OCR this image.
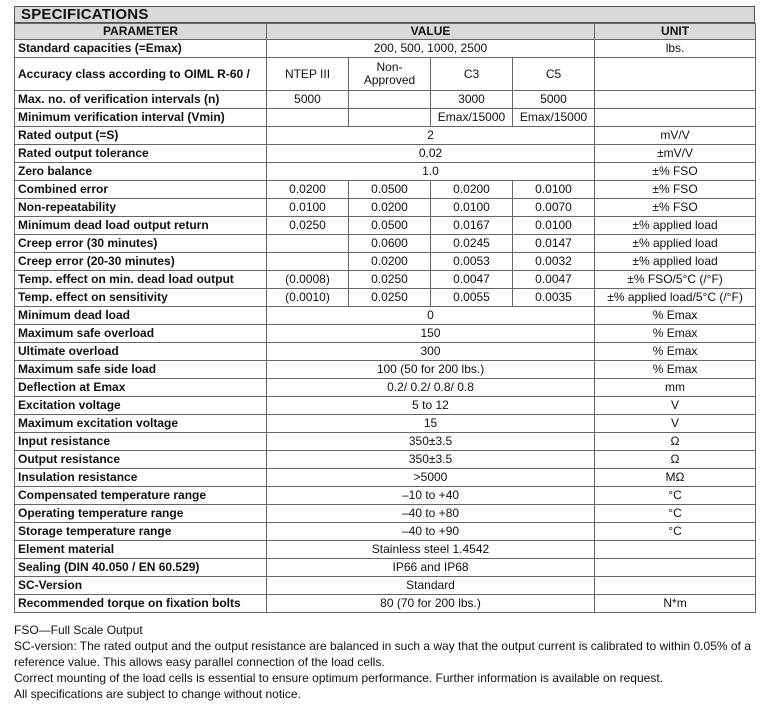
SPECIFICATIONS
PARAMETER	VALUE				UNIT
Standard capacities (=Emax)	200, 500, 1000, 2500				lbs.
Accuracy class according to OIML R-60 /	NTEP III	Non-Approved	C3	C5	
Max. no. of verification intervals (n)	5000		3000	5000	
Minimum verification interval (Vmin)			Emax/15000	Emax/15000	
Rated output (=S)	2				mV/V
Rated output tolerance	0.02				±mV/V
Zero balance	1.0				±% FSO
Combined error	0.0200	0.0500	0.0200	0.0100	±% FSO
Non-repeatability	0.0100	0.0200	0.0100	0.0070	±% FSO
Minimum dead load output return	0.0250	0.0500	0.0167	0.0100	±% applied load
Creep error (30 minutes)		0.0600	0.0245	0.0147	±% applied load
Creep error (20-30 minutes)		0.0200	0.0053	0.0032	±% applied load
Temp. effect on min. dead load output	(0.0008)	0.0250	0.0047	0.0047	±% FSO/5°C (/°F)
Temp. effect on sensitivity	(0.0010)	0.0250	0.0055	0.0035	±% applied load/5°C (/°F)
Minimum dead load	0				% Emax
Maximum safe overload	150				% Emax
Ultimate overload	300				% Emax
Maximum safe side load	100 (50 for 200 lbs.)				% Emax
Deflection at Emax	0.2/ 0.2/ 0.8/ 0.8				mm
Excitation voltage	5 to 12				V
Maximum excitation voltage	15				V
Input resistance	350±3.5				Ω
Output resistance	350±3.5				Ω
Insulation resistance	>5000				MΩ
Compensated temperature range	–10 to +40				°C
Operating temperature range	–40 to +80				°C
Storage temperature range	–40 to +90				°C
Element material	Stainless steel 1.4542				
Sealing (DIN 40.050 / EN 60.529)	IP66 and IP68				
SC-Version	Standard				
Recommended torque on fixation bolts	80 (70 for 200 lbs.)				N*m

FSO—Full Scale Output

SC-version: The rated output and the output resistance are balanced in such a way that the output current is calibrated to within 0.05% of a reference value. This allows easy parallel connection of the load cells.

Correct mounting of the load cells is essential to ensure optimum performance. Further information is available on request.

All specifications are subject to change without notice.
